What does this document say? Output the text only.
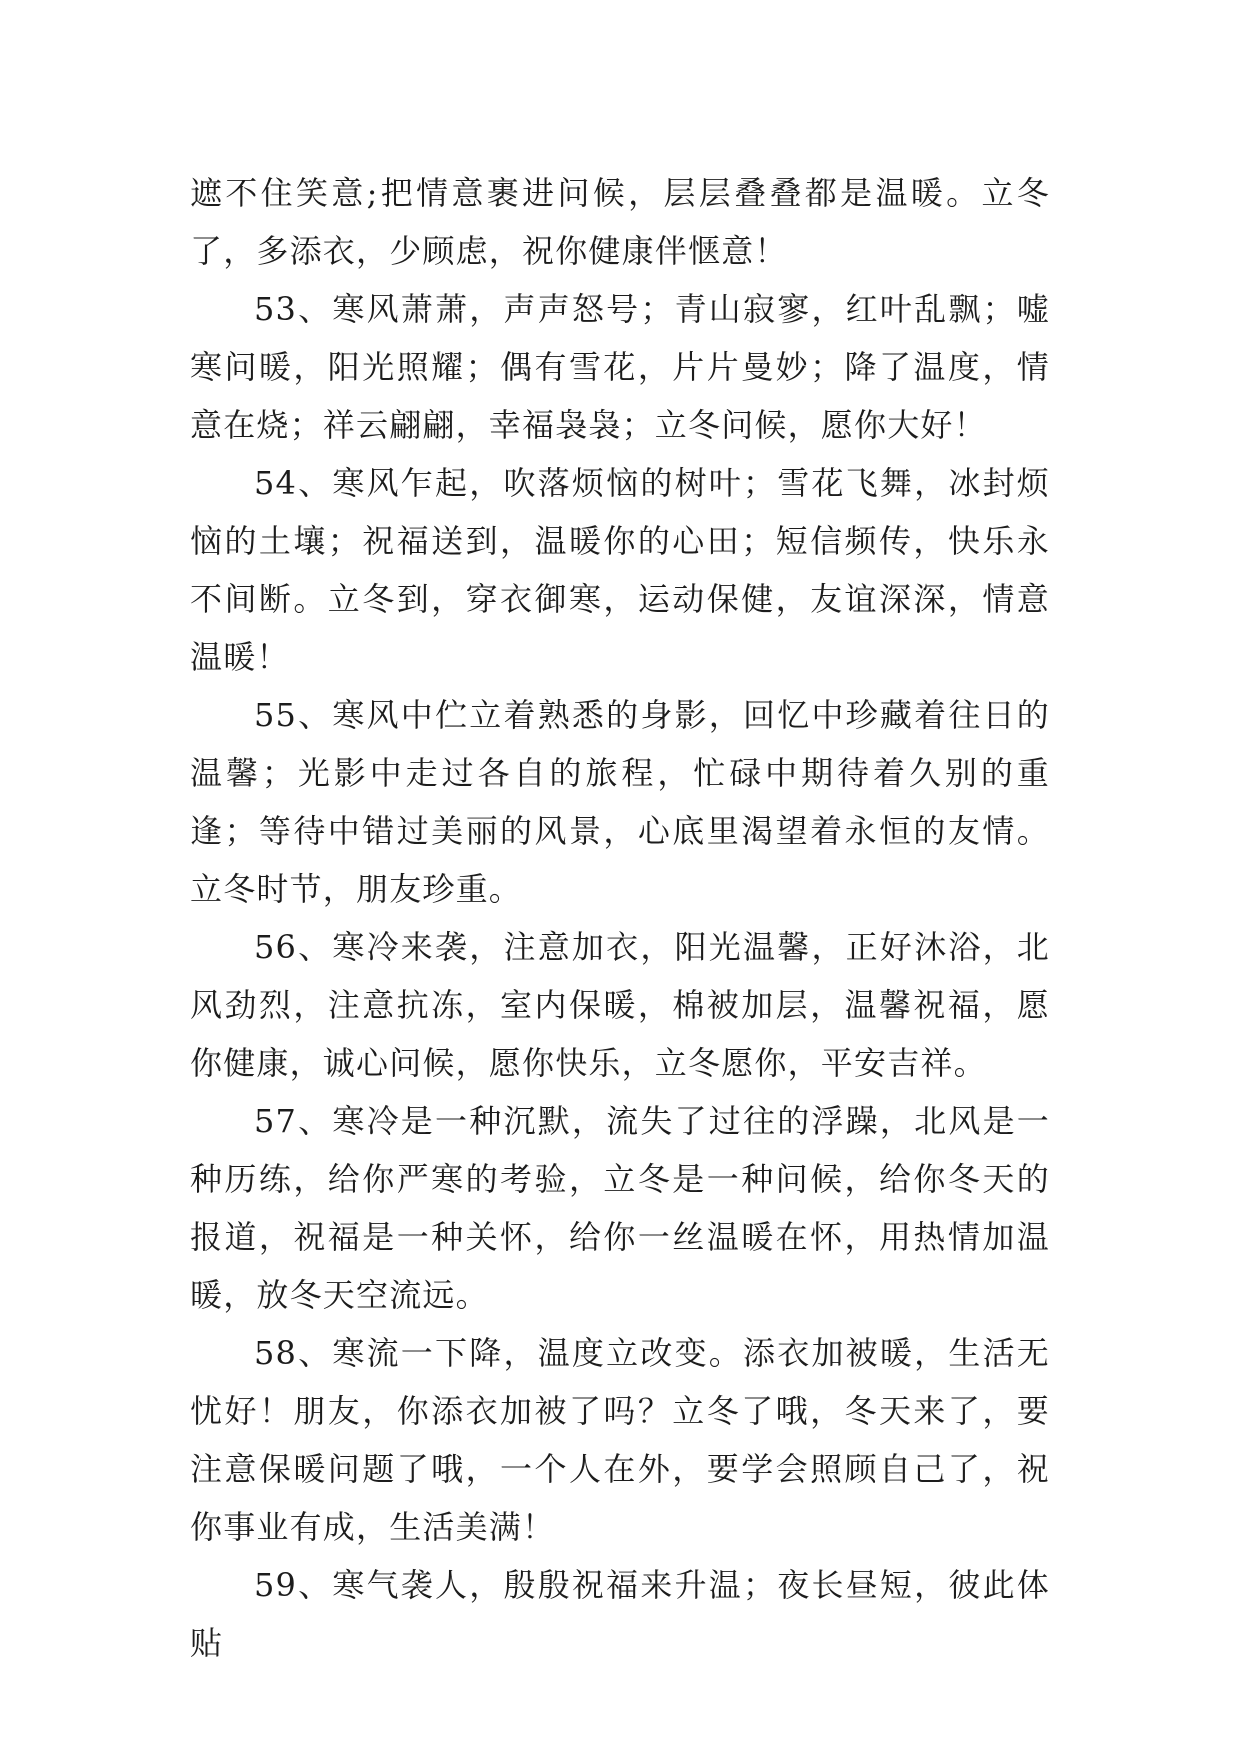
遮不住笑意;把情意裹进问候，层层叠叠都是温暖。立冬了，多添衣，少顾虑，祝你健康伴惬意！

53、寒风萧萧，声声怒号；青山寂寥，红叶乱飘；嘘寒问暖，阳光照耀；偶有雪花，片片曼妙；降了温度，情意在烧；祥云翩翩，幸福袅袅；立冬问候，愿你大好！

54、寒风乍起，吹落烦恼的树叶；雪花飞舞，冰封烦恼的土壤；祝福送到，温暖你的心田；短信频传，快乐永不间断。立冬到，穿衣御寒，运动保健，友谊深深，情意温暖！

55、寒风中伫立着熟悉的身影，回忆中珍藏着往日的温馨；光影中走过各自的旅程，忙碌中期待着久别的重逢；等待中错过美丽的风景，心底里渴望着永恒的友情。立冬时节，朋友珍重。

56、寒冷来袭，注意加衣，阳光温馨，正好沐浴，北风劲烈，注意抗冻，室内保暖，棉被加层，温馨祝福，愿你健康，诚心问候，愿你快乐，立冬愿你，平安吉祥。

57、寒冷是一种沉默，流失了过往的浮躁，北风是一种历练，给你严寒的考验，立冬是一种问候，给你冬天的报道，祝福是一种关怀，给你一丝温暖在怀，用热情加温暖，放冬天空流远。

58、寒流一下降，温度立改变。添衣加被暖，生活无忧好！朋友，你添衣加被了吗？立冬了哦，冬天来了，要注意保暖问题了哦，一个人在外，要学会照顾自己了，祝你事业有成，生活美满！

59、寒气袭人，殷殷祝福来升温；夜长昼短，彼此体贴
